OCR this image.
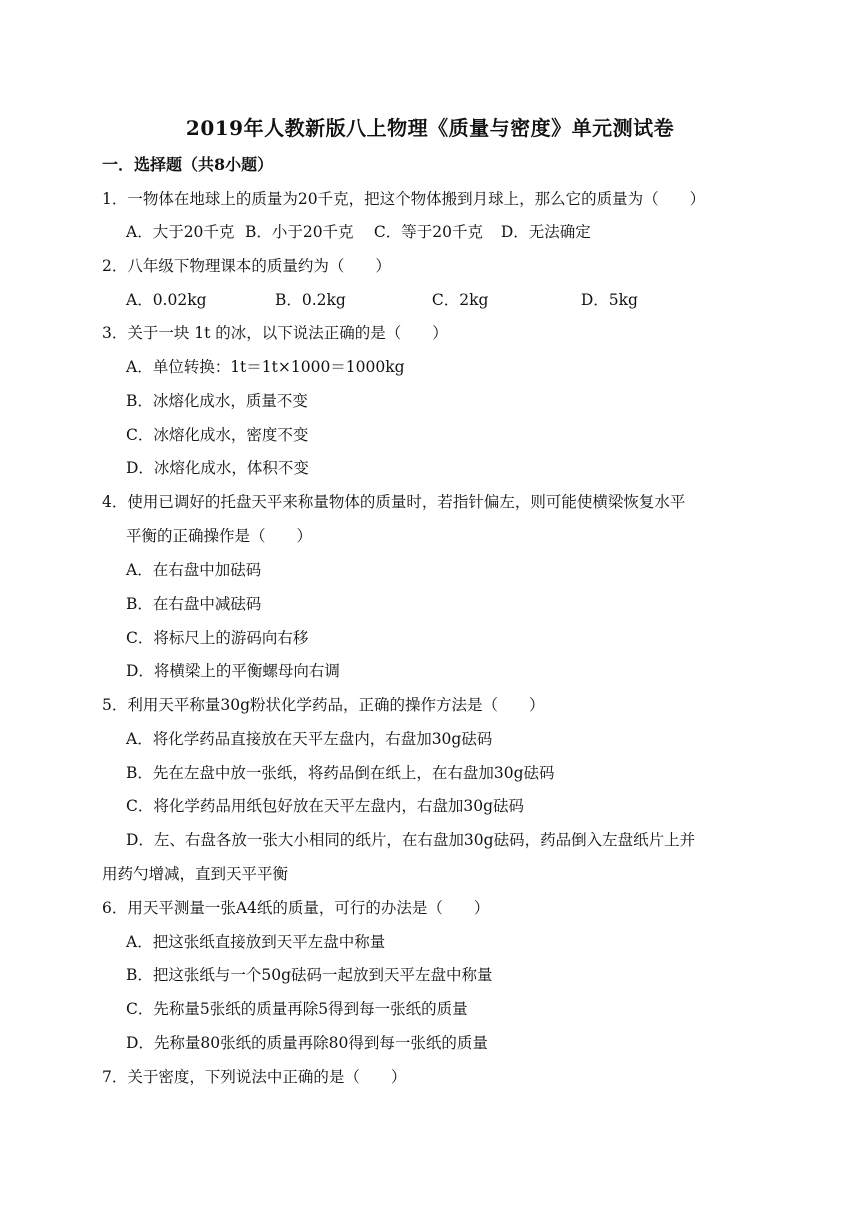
2019年人教新版八上物理《质量与密度》单元测试卷
一．选择题（共8小题）
1．一物体在地球上的质量为20千克，把这个物体搬到月球上，那么它的质量为（　　）
A．大于20千克 B．小于20千克 C．等于20千克 D．无法确定
2．八年级下物理课本的质量约为（　　）
A．0.02kg	B．0.2kg	C．2kg	D．5kg
3．关于一块 1t 的冰，以下说法正确的是（　　）
A．单位转换：1t＝1t×1000＝1000kg
B．冰熔化成水，质量不变
C．冰熔化成水，密度不变
D．冰熔化成水，体积不变
4．使用已调好的托盘天平来称量物体的质量时，若指针偏左，则可能使横梁恢复水平
平衡的正确操作是（　　）
A．在右盘中加砝码
B．在右盘中减砝码
C．将标尺上的游码向右移
D．将横梁上的平衡螺母向右调
5．利用天平称量30g粉状化学药品，正确的操作方法是（　　）
A．将化学药品直接放在天平左盘内，右盘加30g砝码
B．先在左盘中放一张纸，将药品倒在纸上，在右盘加30g砝码
C．将化学药品用纸包好放在天平左盘内，右盘加30g砝码
D．左、右盘各放一张大小相同的纸片，在右盘加30g砝码，药品倒入左盘纸片上并
用药勺增减，直到天平平衡
6．用天平测量一张A4纸的质量，可行的办法是（　　）
A．把这张纸直接放到天平左盘中称量
B．把这张纸与一个50g砝码一起放到天平左盘中称量
C．先称量5张纸的质量再除5得到每一张纸的质量
D．先称量80张纸的质量再除80得到每一张纸的质量
7．关于密度，下列说法中正确的是（　　）
